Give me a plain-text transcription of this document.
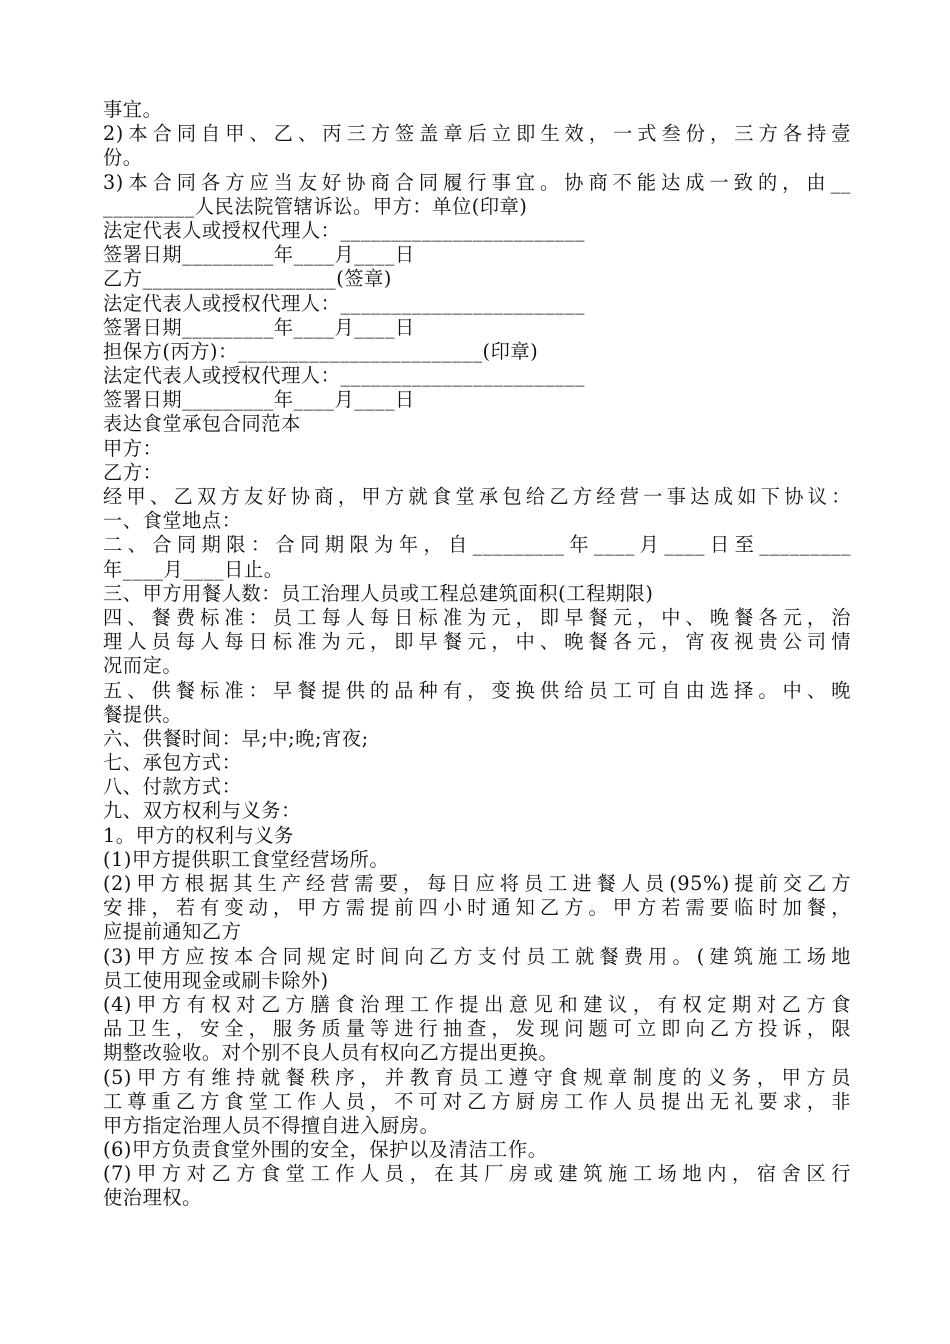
事宜。
2)本合同自甲、乙、丙三方签盖章后立即生效，一式叁份，三方各持壹
份。
3)本合同各方应当友好协商合同履行事宜。协商不能达成一致的，由__
_________人民法院管辖诉讼。甲方：单位(印章)
法定代表人或授权代理人：________________________
签署日期_________年____月____日
乙方___________________(签章)
法定代表人或授权代理人：________________________
签署日期_________年____月____日
担保方(丙方)：________________________(印章)
法定代表人或授权代理人：________________________
签署日期_________年____月____日
表达食堂承包合同范本
甲方：
乙方：
经甲、乙双方友好协商，甲方就食堂承包给乙方经营一事达成如下协议：
一、食堂地点：
二、合同期限：合同期限为年，自_________年____月____日至_________
年____月____日止。
三、甲方用餐人数：员工治理人员或工程总建筑面积(工程期限)
四、餐费标准：员工每人每日标准为元，即早餐元，中、晚餐各元，治
理人员每人每日标准为元，即早餐元，中、晚餐各元，宵夜视贵公司情
况而定。
五、供餐标准：早餐提供的品种有，变换供给员工可自由选择。中、晚
餐提供。
六、供餐时间：早;中;晚;宵夜;
七、承包方式：
八、付款方式：
九、双方权利与义务：
1。甲方的权利与义务
(1)甲方提供职工食堂经营场所。
(2)甲方根据其生产经营需要，每日应将员工进餐人员(95%)提前交乙方
安排，若有变动，甲方需提前四小时通知乙方。甲方若需要临时加餐，
应提前通知乙方
(3)甲方应按本合同规定时间向乙方支付员工就餐费用。(建筑施工场地
员工使用现金或刷卡除外)
(4)甲方有权对乙方膳食治理工作提出意见和建议，有权定期对乙方食
品卫生，安全，服务质量等进行抽查，发现问题可立即向乙方投诉，限
期整改验收。对个别不良人员有权向乙方提出更换。
(5)甲方有维持就餐秩序，并教育员工遵守食规章制度的义务，甲方员
工尊重乙方食堂工作人员，不可对乙方厨房工作人员提出无礼要求，非
甲方指定治理人员不得擅自进入厨房。
(6)甲方负责食堂外围的安全，保护以及清洁工作。
(7)甲方对乙方食堂工作人员，在其厂房或建筑施工场地内，宿舍区行
使治理权。
